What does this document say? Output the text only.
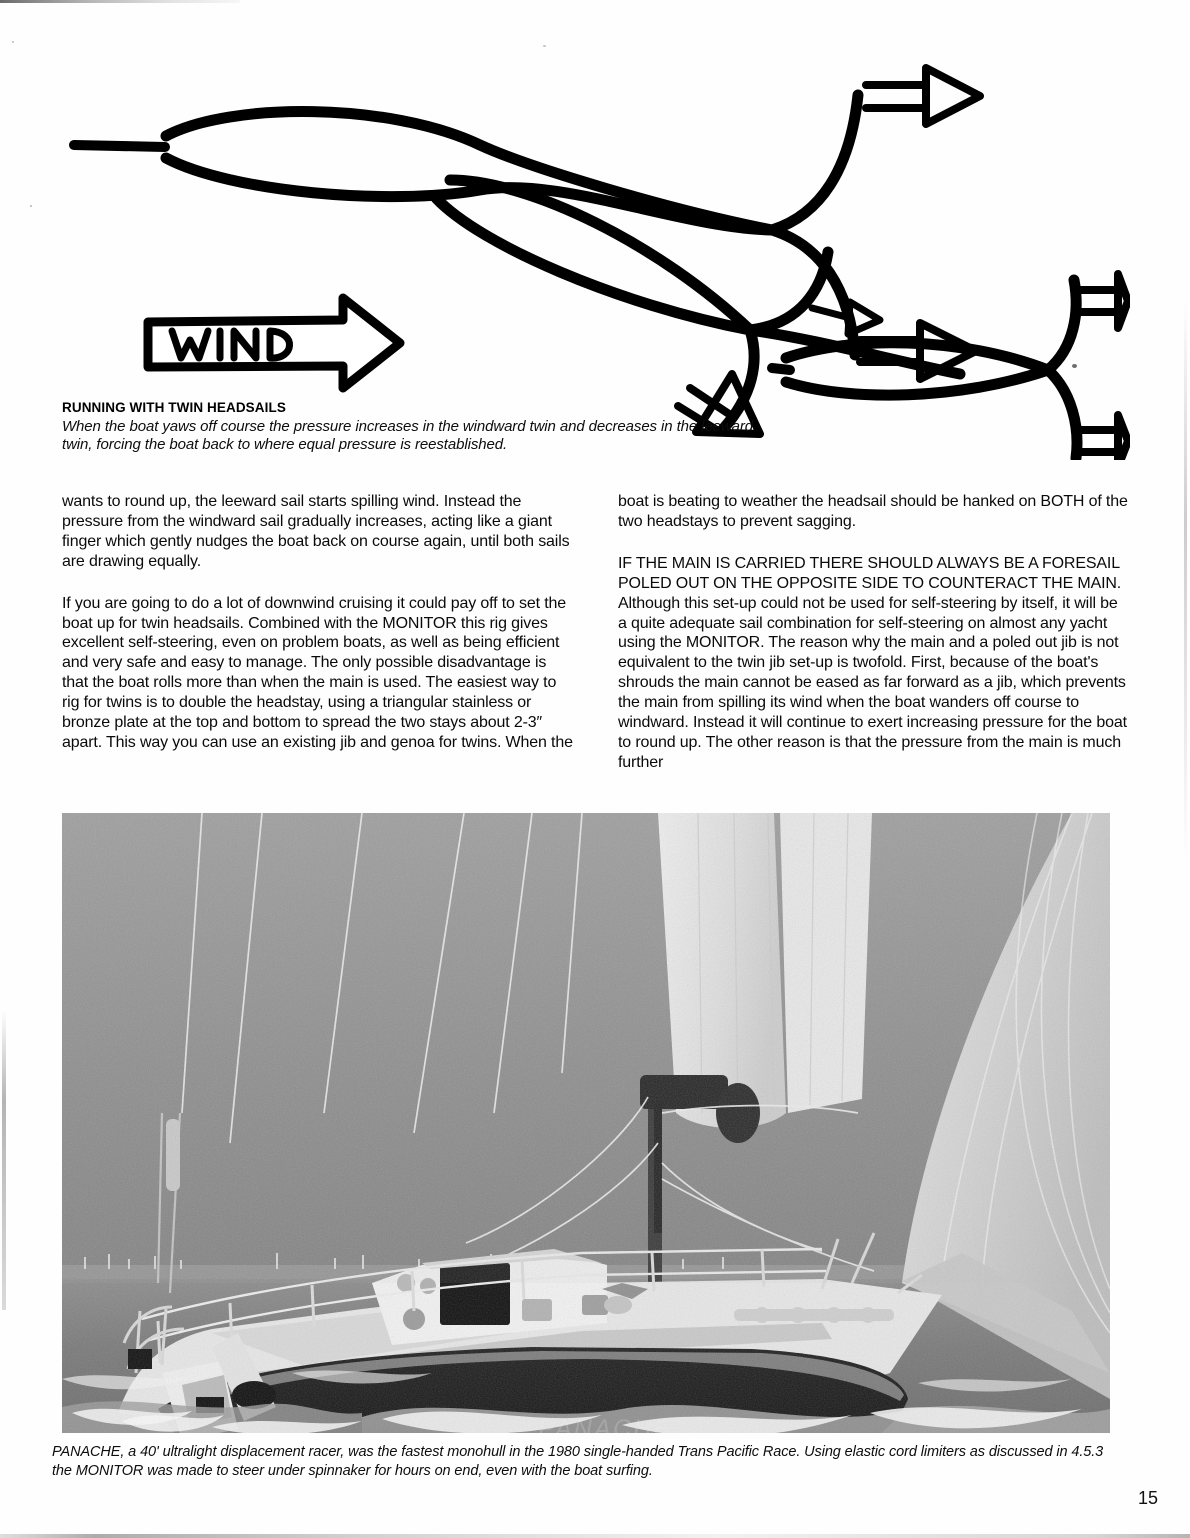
RUNNING WITH TWIN HEADSAILS
When the boat yaws off course the pressure increases in the windward twin and decreases in the leeward twin, forcing the boat back to where equal pressure is reestablished.

wants to round up, the leeward sail starts spilling wind. Instead the pressure from the windward sail gradually increases, acting like a giant finger which gently nudges the boat back on course again, until both sails are drawing equally.

If you are going to do a lot of downwind cruising it could pay off to set the boat up for twin headsails. Combined with the MONITOR this rig gives excellent self-steering, even on problem boats, as well as being efficient and very safe and easy to manage. The only possible disadvantage is that the boat rolls more than when the main is used. The easiest way to rig for twins is to double the headstay, using a triangular stainless or bronze plate at the top and bottom to spread the two stays about 2-3″ apart. This way you can use an existing jib and genoa for twins. When the

boat is beating to weather the headsail should be hanked on BOTH of the two headstays to prevent sagging.

IF THE MAIN IS CARRIED THERE SHOULD ALWAYS BE A FORESAIL POLED OUT ON THE OPPOSITE SIDE TO COUNTERACT THE MAIN. Although this set-up could not be used for self-steering by itself, it will be a quite adequate sail combination for self-steering on almost any yacht using the MONITOR. The reason why the main and a poled out jib is not equivalent to the twin jib set-up is twofold. First, because of the boat's shrouds the main cannot be eased as far forward as a jib, which prevents the main from spilling its wind when the boat wanders off course to windward. Instead it will continue to exert increasing pressure for the boat to round up. The other reason is that the pressure from the main is much further

PANACHE, a 40' ultralight displacement racer, was the fastest monohull in the 1980 single-handed Trans Pacific Race. Using elastic cord limiters as discussed in 4.5.3 the MONITOR was made to steer under spinnaker for hours on end, even with the boat surfing.
15
